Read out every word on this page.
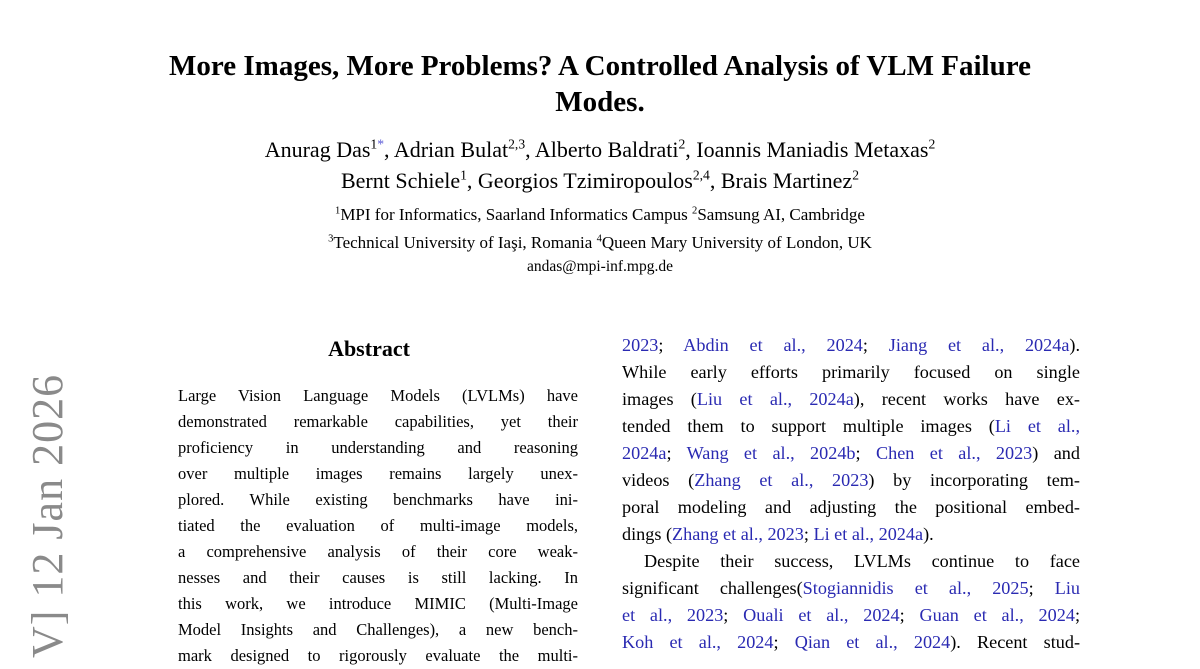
V] 12 Jan 2026
More Images, More Problems? A Controlled Analysis of VLM Failure
Modes.
Anurag Das$^{1*}$, Adrian Bulat$^{2,3}$, Alberto Baldrati$^2$, Ioannis Maniadis Metaxas$^2$
Bernt Schiele$^1$, Georgios Tzimiropoulos$^{2,4}$, Brais Martinez$^2$
$^1$MPI for Informatics, Saarland Informatics Campus $^2$Samsung AI, Cambridge
$^3$Technical University of Iaşi, Romania $^4$Queen Mary University of London, UK
andas@mpi-inf.mpg.de
Abstract
Large Vision Language Models (LVLMs) have
demonstrated remarkable capabilities, yet their
proficiency in understanding and reasoning
over multiple images remains largely unex-
plored. While existing benchmarks have ini-
tiated the evaluation of multi-image models,
a comprehensive analysis of their core weak-
nesses and their causes is still lacking. In
this work, we introduce MIMIC (Multi-Image
Model Insights and Challenges), a new bench-
mark designed to rigorously evaluate the multi-
2023; Abdin et al., 2024; Jiang et al., 2024a).
While early efforts primarily focused on single
images (Liu et al., 2024a), recent works have ex-
tended them to support multiple images (Li et al.,
2024a; Wang et al., 2024b; Chen et al., 2023) and
videos (Zhang et al., 2023) by incorporating tem-
poral modeling and adjusting the positional embed-
dings (Zhang et al., 2023; Li et al., 2024a).
Despite their success, LVLMs continue to face
significant challenges(Stogiannidis et al., 2025; Liu
et al., 2023; Ouali et al., 2024; Guan et al., 2024;
Koh et al., 2024; Qian et al., 2024). Recent stud-
